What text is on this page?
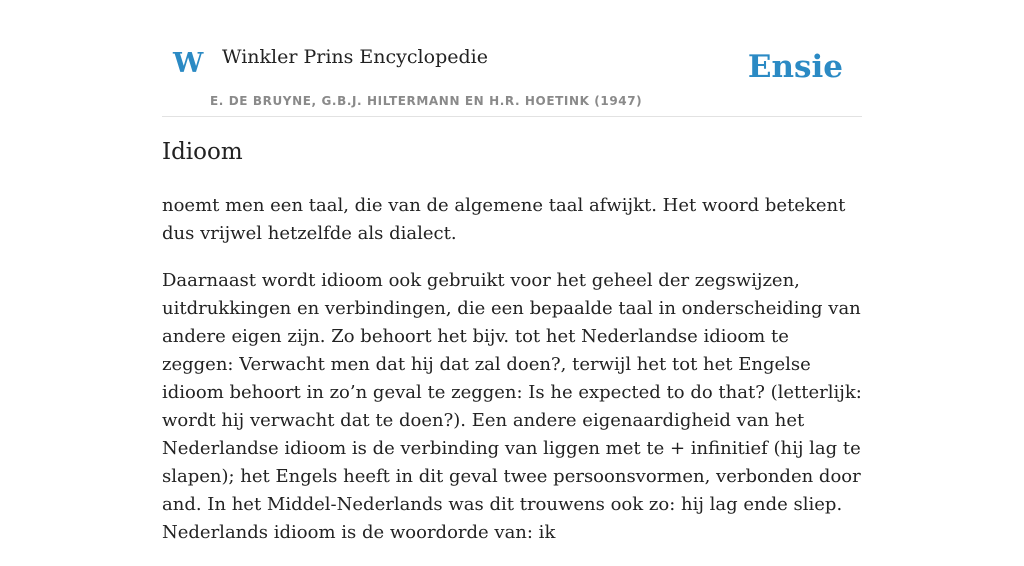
W Winkler Prins Encyclopedie
E. DE BRUYNE, G.B.J. HILTERMANN EN H.R. HOETINK (1947)
Ensie
Idioom

noemt men een taal, die van de algemene taal afwijkt. Het woord betekent dus vrijwel hetzelfde als dialect.

Daarnaast wordt idioom ook gebruikt voor het geheel der zegswijzen, uitdrukkingen en verbindingen, die een bepaalde taal in onderscheiding van andere eigen zijn. Zo behoort het bijv. tot het Nederlandse idioom te zeggen: Verwacht men dat hij dat zal doen?, terwijl het tot het Engelse idioom behoort in zo’n geval te zeggen: Is he expected to do that? (letterlijk: wordt hij verwacht dat te doen?). Een andere eigenaardigheid van het Nederlandse idioom is de verbinding van liggen met te + infinitief (hij lag te slapen); het Engels heeft in dit geval twee persoonsvormen, verbonden door and. In het Middel-Nederlands was dit trouwens ook zo: hij lag ende sliep. Nederlands idioom is de woordorde van: ik
